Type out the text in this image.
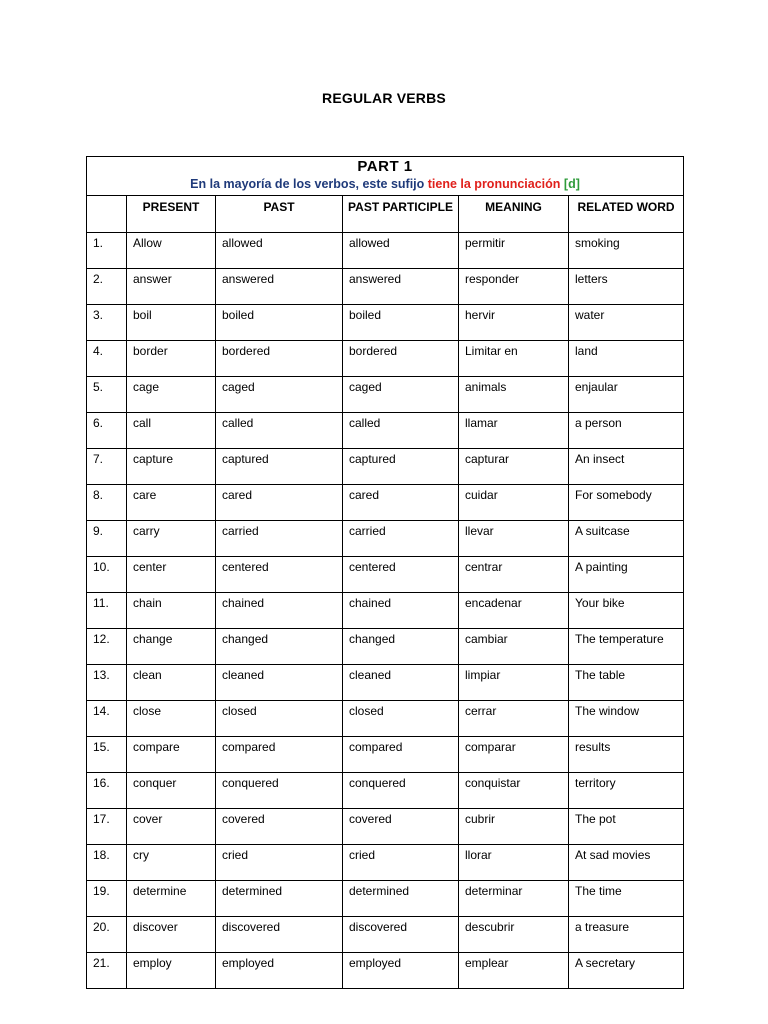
REGULAR VERBS
PART 1
En la mayoría de los verbos, este sufijo tiene la pronunciación [d]					

	PRESENT	PAST	PAST PARTICIPLE	MEANING	RELATED WORD
1.	Allow	allowed	allowed	permitir	smoking
2.	answer	answered	answered	responder	letters
3.	boil	boiled	boiled	hervir	water
4.	border	bordered	bordered	Limitar en	land
5.	cage	caged	caged	animals	enjaular
6.	call	called	called	llamar	a person
7.	capture	captured	captured	capturar	An insect
8.	care	cared	cared	cuidar	For somebody
9.	carry	carried	carried	llevar	A suitcase
10.	center	centered	centered	centrar	A painting
11.	chain	chained	chained	encadenar	Your bike
12.	change	changed	changed	cambiar	The temperature
13.	clean	cleaned	cleaned	limpiar	The table
14.	close	closed	closed	cerrar	The window
15.	compare	compared	compared	comparar	results
16.	conquer	conquered	conquered	conquistar	territory
17.	cover	covered	covered	cubrir	The pot
18.	cry	cried	cried	llorar	At sad movies
19.	determine	determined	determined	determinar	The time
20.	discover	discovered	discovered	descubrir	a treasure
21.	employ	employed	employed	emplear	A secretary
